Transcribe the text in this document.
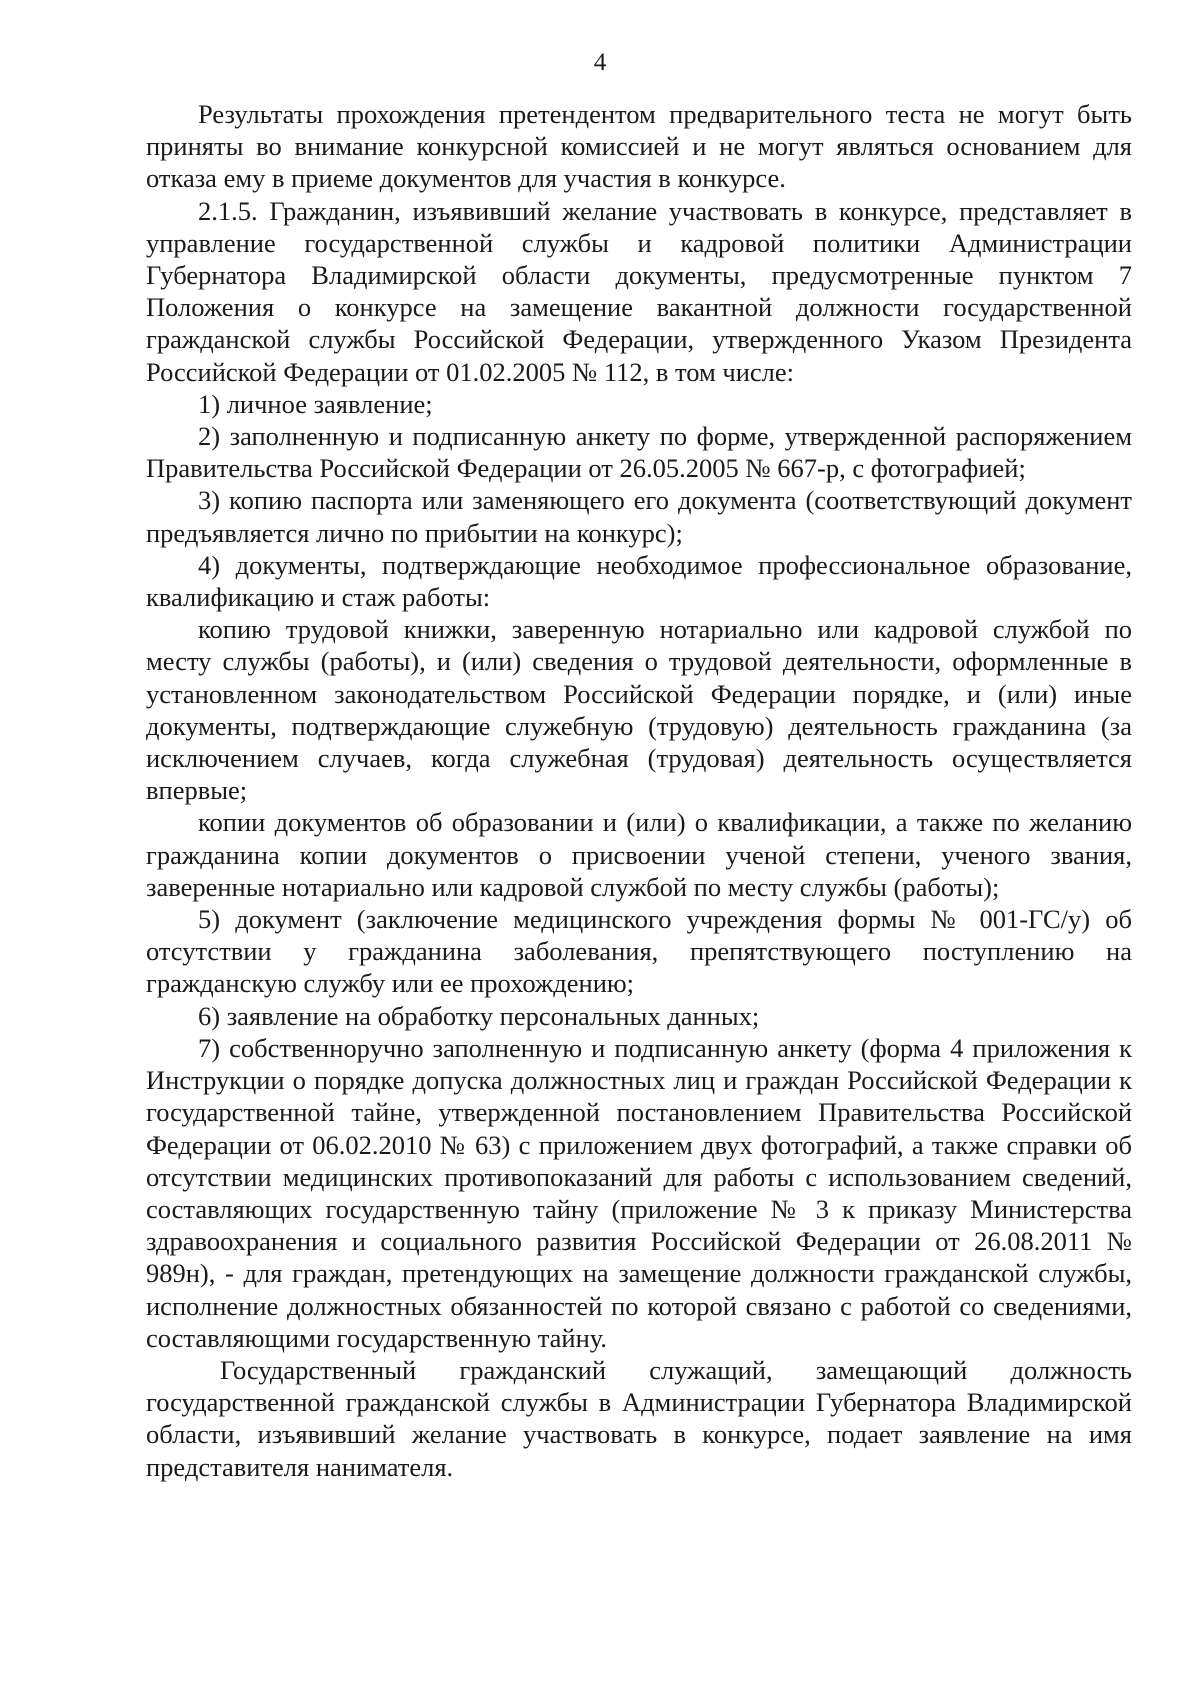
4

Результаты прохождения претендентом предварительного теста не могут быть приняты во внимание конкурсной комиссией и не могут являться основанием для отказа ему в приеме документов для участия в конкурсе.

2.1.5. Гражданин, изъявивший желание участвовать в конкурсе, представляет в управление государственной службы и кадровой политики Администрации Губернатора Владимирской области документы, предусмотренные пунктом 7 Положения о конкурсе на замещение вакантной должности государственной гражданской службы Российской Федерации, утвержденного Указом Президента Российской Федерации от 01.02.2005 № 112, в том числе:

1) личное заявление;

2) заполненную и подписанную анкету по форме, утвержденной распоряжением Правительства Российской Федерации от 26.05.2005 № 667-р, с фотографией;

3) копию паспорта или заменяющего его документа (соответствующий документ предъявляется лично по прибытии на конкурс);

4) документы, подтверждающие необходимое профессиональное образование, квалификацию и стаж работы:

копию трудовой книжки, заверенную нотариально или кадровой службой по месту службы (работы), и (или) сведения о трудовой деятельности, оформленные в установленном законодательством Российской Федерации порядке, и (или) иные документы, подтверждающие служебную (трудовую) деятельность гражданина (за исключением случаев, когда служебная (трудовая) деятельность осуществляется впервые;

копии документов об образовании и (или) о квалификации, а также по желанию гражданина копии документов о присвоении ученой степени, ученого звания, заверенные нотариально или кадровой службой по месту службы (работы);

5) документ (заключение медицинского учреждения формы № 001-ГС/у) об отсутствии у гражданина заболевания, препятствующего поступлению на гражданскую службу или ее прохождению;

6) заявление на обработку персональных данных;

7) собственноручно заполненную и подписанную анкету (форма 4 приложения к Инструкции о порядке допуска должностных лиц и граждан Российской Федерации к государственной тайне, утвержденной постановлением Правительства Российской Федерации от 06.02.2010 № 63) с приложением двух фотографий, а также справки об отсутствии медицинских противопоказаний для работы с использованием сведений, составляющих государственную тайну (приложение № 3 к приказу Министерства здравоохранения и социального развития Российской Федерации от 26.08.2011 № 989н), - для граждан, претендующих на замещение должности гражданской службы, исполнение должностных обязанностей по которой связано с работой со сведениями, составляющими государственную тайну.

Государственный гражданский служащий, замещающий должность государственной гражданской службы в Администрации Губернатора Владимирской области, изъявивший желание участвовать в конкурсе, подает заявление на имя представителя нанимателя.
